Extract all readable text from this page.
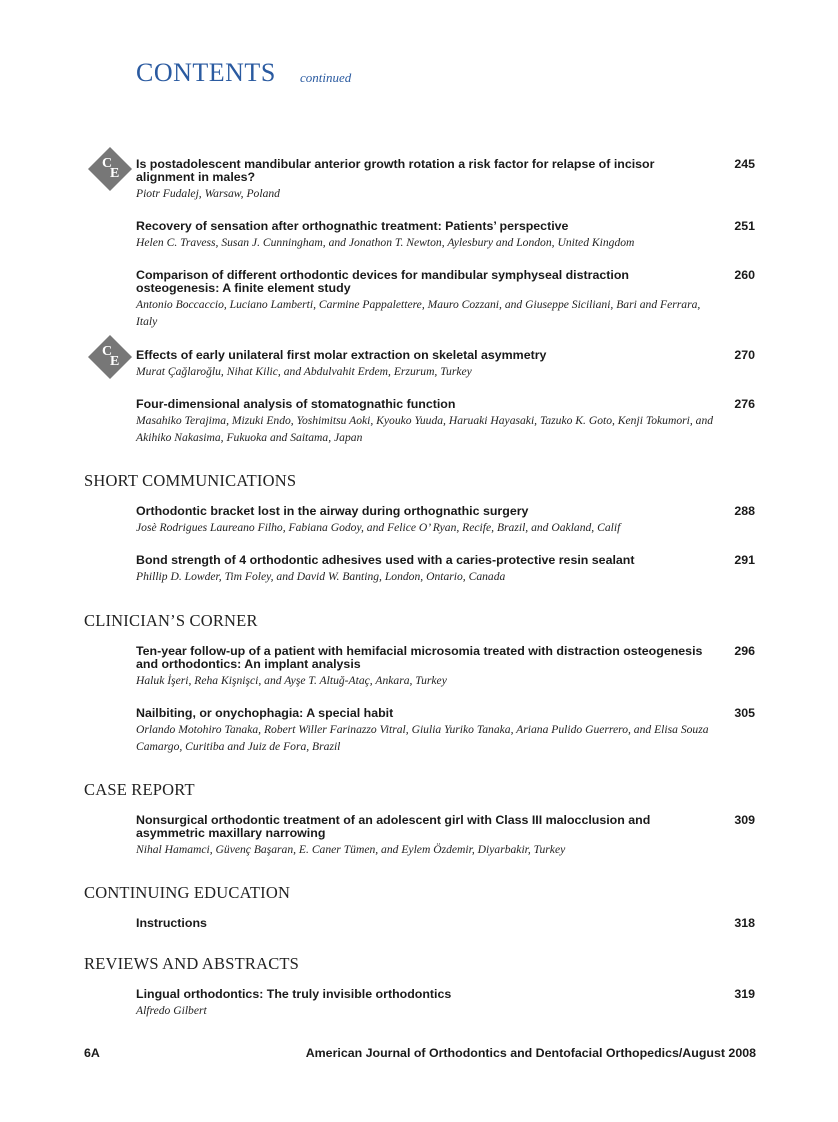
CONTENTS continued
C
E
C
E
Is postadolescent mandibular anterior growth rotation a risk factor for relapse of incisor alignment in males?
Piotr Fudalej, Warsaw, Poland
245
Recovery of sensation after orthognathic treatment: Patients’ perspective
Helen C. Travess, Susan J. Cunningham, and Jonathon T. Newton, Aylesbury and London, United Kingdom
251
Comparison of different orthodontic devices for mandibular symphyseal distraction osteogenesis: A finite element study
Antonio Boccaccio, Luciano Lamberti, Carmine Pappalettere, Mauro Cozzani, and Giuseppe Siciliani, Bari and Ferrara, Italy
260
Effects of early unilateral first molar extraction on skeletal asymmetry
Murat Çağlaroğlu, Nihat Kilic, and Abdulvahit Erdem, Erzurum, Turkey
270
Four-dimensional analysis of stomatognathic function
Masahiko Terajima, Mizuki Endo, Yoshimitsu Aoki, Kyouko Yuuda, Haruaki Hayasaki, Tazuko K. Goto, Kenji Tokumori, and Akihiko Nakasima, Fukuoka and Saitama, Japan
276
SHORT COMMUNICATIONS
Orthodontic bracket lost in the airway during orthognathic surgery
Josè Rodrigues Laureano Filho, Fabiana Godoy, and Felice O’ Ryan, Recife, Brazil, and Oakland, Calif
288
Bond strength of 4 orthodontic adhesives used with a caries-protective resin sealant
Phillip D. Lowder, Tim Foley, and David W. Banting, London, Ontario, Canada
291
CLINICIAN’S CORNER
Ten-year follow-up of a patient with hemifacial microsomia treated with distraction osteogenesis and orthodontics: An implant analysis
Haluk İşeri, Reha Kişnişci, and Ayşe T. Altuğ-Ataç, Ankara, Turkey
296
Nailbiting, or onychophagia: A special habit
Orlando Motohiro Tanaka, Robert Willer Farinazzo Vitral, Giulia Yuriko Tanaka, Ariana Pulido Guerrero, and Elisa Souza Camargo, Curitiba and Juiz de Fora, Brazil
305
CASE REPORT
Nonsurgical orthodontic treatment of an adolescent girl with Class III malocclusion and asymmetric maxillary narrowing
Nihal Hamamci, Güvenç Başaran, E. Caner Tümen, and Eylem Özdemir, Diyarbakir, Turkey
309
CONTINUING EDUCATION
Instructions	318
REVIEWS AND ABSTRACTS
Lingual orthodontics: The truly invisible orthodontics
Alfredo Gilbert
319
6A	American Journal of Orthodontics and Dentofacial Orthopedics/August 2008
